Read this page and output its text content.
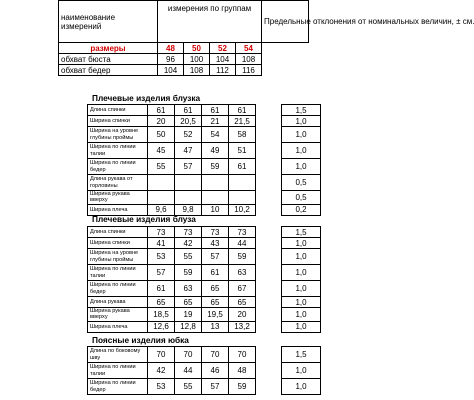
наименование измерений	измерения по группам				Предельные отклонения от номинальных величин, ± см.
размеры	48	50	52	54	
обхват бюста	96	100	104	108	
обхват бедер	104	108	112	116	
Плечевые изделия блузка
Длина спинки	61	61	61	61		1,5
Ширина спинки	20	20,5	21	21,5		1,0
Ширина на уровне глубины проймы	50	52	54	58		1,0
Ширина по линии талии	45	47	49	51		1,0
Ширина по линии бедер	55	57	59	61		1,0
Длина рукава от горловины						0,5
Ширина рукава вверху						0,5
Ширина плеча	9,6	9,8	10	10,2		0,2
Плечевые изделия блуза
Длина спинки	73	73	73	73		1,5
Ширина спинки	41	42	43	44		1,0
Ширина на уровне глубины проймы	53	55	57	59		1,0
Ширина по линии талии	57	59	61	63		1,0
Ширина по линии бедер	61	63	65	67		1,0
Длина рукава	65	65	65	65		1,0
Ширина рукава вверху	18,5	19	19,5	20		1,0
Ширина плеча	12,6	12,8	13	13,2		1,0
Поясные изделия юбка
Длина по боковому шву	70	70	70	70		1,5
Ширина по линии талии	42	44	46	48		1,0
Ширина по линии бедер	53	55	57	59		1,0
